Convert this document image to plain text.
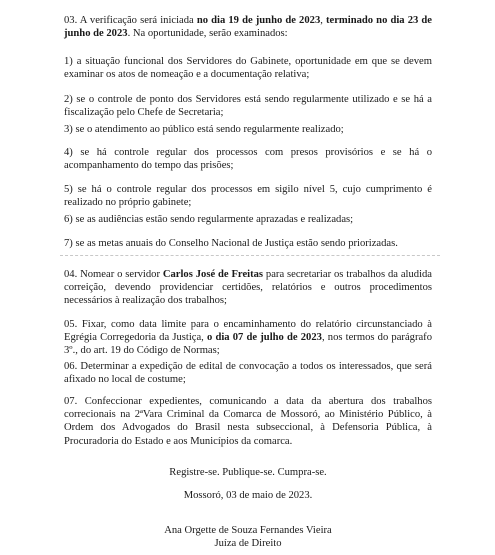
03. A verificação será iniciada no dia 19 de junho de 2023, terminado no dia 23 de junho de 2023. Na oportunidade, serão examinados:
1) a situação funcional dos Servidores do Gabinete, oportunidade em que se devem examinar os atos de nomeação e a documentação relativa;
2) se o controle de ponto dos Servidores está sendo regularmente utilizado e se há a fiscalização pelo Chefe de Secretaria;
3) se o atendimento ao público está sendo regularmente realizado;
4) se há controle regular dos processos com presos provisórios e se há o acompanhamento do tempo das prisões;
5) se há o controle regular dos processos em sigilo nível 5, cujo cumprimento é realizado no próprio gabinete;
6) se as audiências estão sendo regularmente aprazadas e realizadas;
7) se as metas anuais do Conselho Nacional de Justiça estão sendo priorizadas.
04. Nomear o servidor Carlos José de Freitas para secretariar os trabalhos da aludida correição, devendo providenciar certidões, relatórios e outros procedimentos necessários à realização dos trabalhos;
05. Fixar, como data limite para o encaminhamento do relatório circunstanciado à Egrégia Corregedoria da Justiça, o dia 07 de julho de 2023, nos termos do parágrafo 3º., do art. 19 do Código de Normas;
06. Determinar a expedição de edital de convocação a todos os interessados, que será afixado no local de costume;
07. Confeccionar expedientes, comunicando a data da abertura dos trabalhos correcionais na 2ªVara Criminal da Comarca de Mossoró, ao Ministério Público, à Ordem dos Advogados do Brasil nesta subseccional, à Defensoria Pública, à Procuradoria do Estado e aos Municípios da comarca.
Registre-se. Publique-se. Cumpra-se.
Mossoró, 03 de maio de 2023.
Ana Orgette de Souza Fernandes Vieira
Juíza de Direito
